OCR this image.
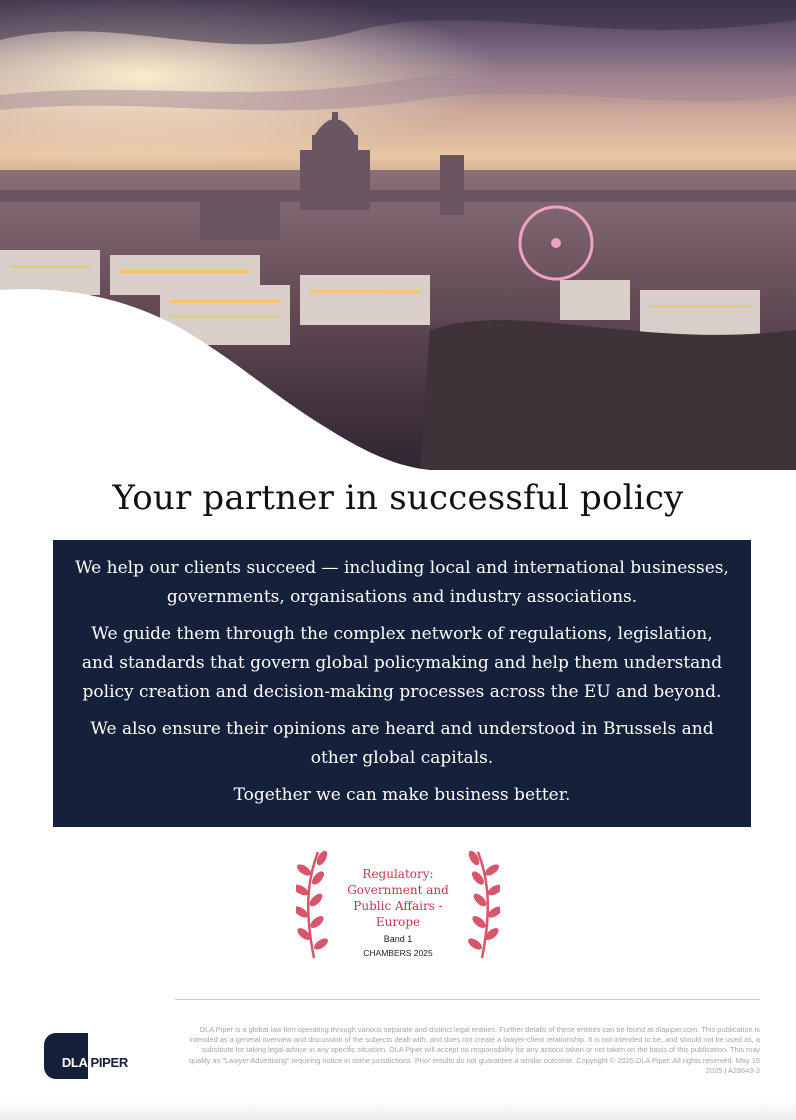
Your partner in successful policy

We help our clients succeed — including local and international businesses, governments, organisations and industry associations.

We guide them through the complex network of regulations, legislation, and standards that govern global policymaking and help them understand policy creation and decision-making processes across the EU and beyond.

We also ensure their opinions are heard and understood in Brussels and other global capitals.

Together we can make business better.

Regulatory:
Government and
Public Affairs -
Europe
Band 1
CHAMBERS 2025
DLA PIPER
DLA Piper is a global law firm operating through various separate and distinct legal entities. Further details of these entities can be found at dlapiper.com. This publication is intended as a general overview and discussion of the subjects dealt with, and does not create a lawyer-client relationship. It is not intended to be, and should not be used as, a substitute for taking legal advice in any specific situation. DLA Piper will accept no responsibility for any actions taken or not taken on the basis of this publication. This may qualify as "Lawyer Advertising" requiring notice in some jurisdictions. Prior results do not guarantee a similar outcome. Copyright © 2025 DLA Piper. All rights reserved. May 16 2025 | A28643-3
